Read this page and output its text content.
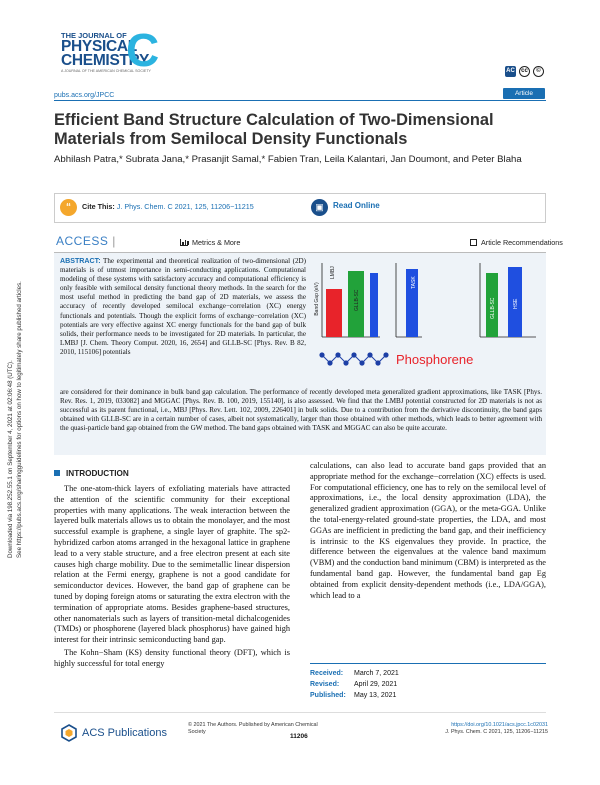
Downloaded via 198.252.55.1 on September 4, 2021 at 02:06:48 (UTC). See https://pubs.acs.org/sharingguidelines for options on how to legitimately share published articles.
THE JOURNAL OF
PHYSICAL
CHEMISTRY
A JOURNAL OF THE AMERICAN CHEMICAL SOCIETY
C	AC	cc	©
pubs.acs.org/JPCC	Article
Efficient Band Structure Calculation of Two-Dimensional Materials from Semilocal Density Functionals
Abhilash Patra,* Subrata Jana,* Prasanjit Samal,* Fabien Tran, Leila Kalantari, Jan Doumont, and Peter Blaha
“	Cite This: J. Phys. Chem. C 2021, 125, 11206−11215	▣	Read Online
ACCESS |	Metrics & More	Article Recommendations
ABSTRACT: The experimental and theoretical realization of two-dimensional (2D) materials is of utmost importance in semi-conducting applications. Computational modeling of these systems with satisfactory accuracy and computational efficiency is only feasible with semilocal density functional theory methods. In the search for the most useful method in predicting the band gap of 2D materials, we assess the accuracy of recently developed semilocal exchange−correlation (XC) energy functionals and potentials. Though the explicit forms of exchange−correlation (XC) potentials are very effective against XC energy functionals for the band gap of bulk solids, their performance needs to be investigated for 2D materials. In particular, the LMBJ [J. Chem. Theory Comput. 2020, 16, 2654] and GLLB-SC [Phys. Rev. B 82, 2010, 115106] potentials
are considered for their dominance in bulk band gap calculation. The performance of recently developed meta generalized gradient approximations, like TASK [Phys. Rev. Res. 1, 2019, 033082] and MGGAC [Phys. Rev. B. 100, 2019, 155140], is also assessed. We find that the LMBJ potential constructed for 2D materials is not as successful as its parent functional, i.e., MBJ [Phys. Rev. Lett. 102, 2009, 226401] in bulk solids. Due to a contribution from the derivative discontinuity, the band gaps obtained with GLLB-SC are in a certain number of cases, albeit not systematically, larger than those obtained with other methods, which leads to better agreement with the quasi-particle band gap obtained from the GW method. The band gaps obtained with TASK and MGGAC can also be quite accurate.
Band Gap (eV)
LMBJ
GLLB-SC
TASK
GLLB-SC	HSE
Phosphorene
INTRODUCTION

The one-atom-thick layers of exfoliating materials have attracted the attention of the scientific community for their exceptional properties with many applications. The weak interaction between the layered bulk materials allows us to obtain the monolayer, and the most successful example is graphene, a single layer of graphite. The sp2-hybridized carbon atoms arranged in the hexagonal lattice in graphene lead to a very stable structure, and a free electron present at each site causes high charge mobility. Due to the semimetallic linear dispersion relation at the Fermi energy, graphene is not a good candidate for semiconductor devices. However, the band gap of graphene can be tuned by doping foreign atoms or saturating the extra electron with the termination of appropriate atoms. Besides graphene-based structures, other nanomaterials such as layers of transition-metal dichalcogenides (TMDs) or phosphorene (layered black phosphorus) have gained high interest for their intrinsic semiconducting band gap.

The Kohn−Sham (KS) density functional theory (DFT), which is highly successful for total energy

calculations, can also lead to accurate band gaps provided that an appropriate method for the exchange−correlation (XC) effects is used. For computational efficiency, one has to rely on the semilocal level of approximations, i.e., the local density approximation (LDA), the generalized gradient approximation (GGA), or the meta-GGA. Unlike the total-energy-related ground-state properties, the LDA, and most GGAs are inefficient in predicting the band gap, and their inefficiency is intrinsic to the KS eigenvalues they provide. In practice, the difference between the eigenvalues at the valence band maximum (VBM) and the conduction band minimum (CBM) is interpreted as the fundamental band gap. However, the fundamental band gap Eg obtained from explicit density-dependent methods (i.e., LDA/GGA), which lead to a

Received: March 7, 2021
Revised: April 29, 2021
Published: May 13, 2021
ACS Publications
© 2021 The Authors. Published by American Chemical Society
11206
https://doi.org/10.1021/acs.jpcc.1c02031
J. Phys. Chem. C 2021, 125, 11206−11215
